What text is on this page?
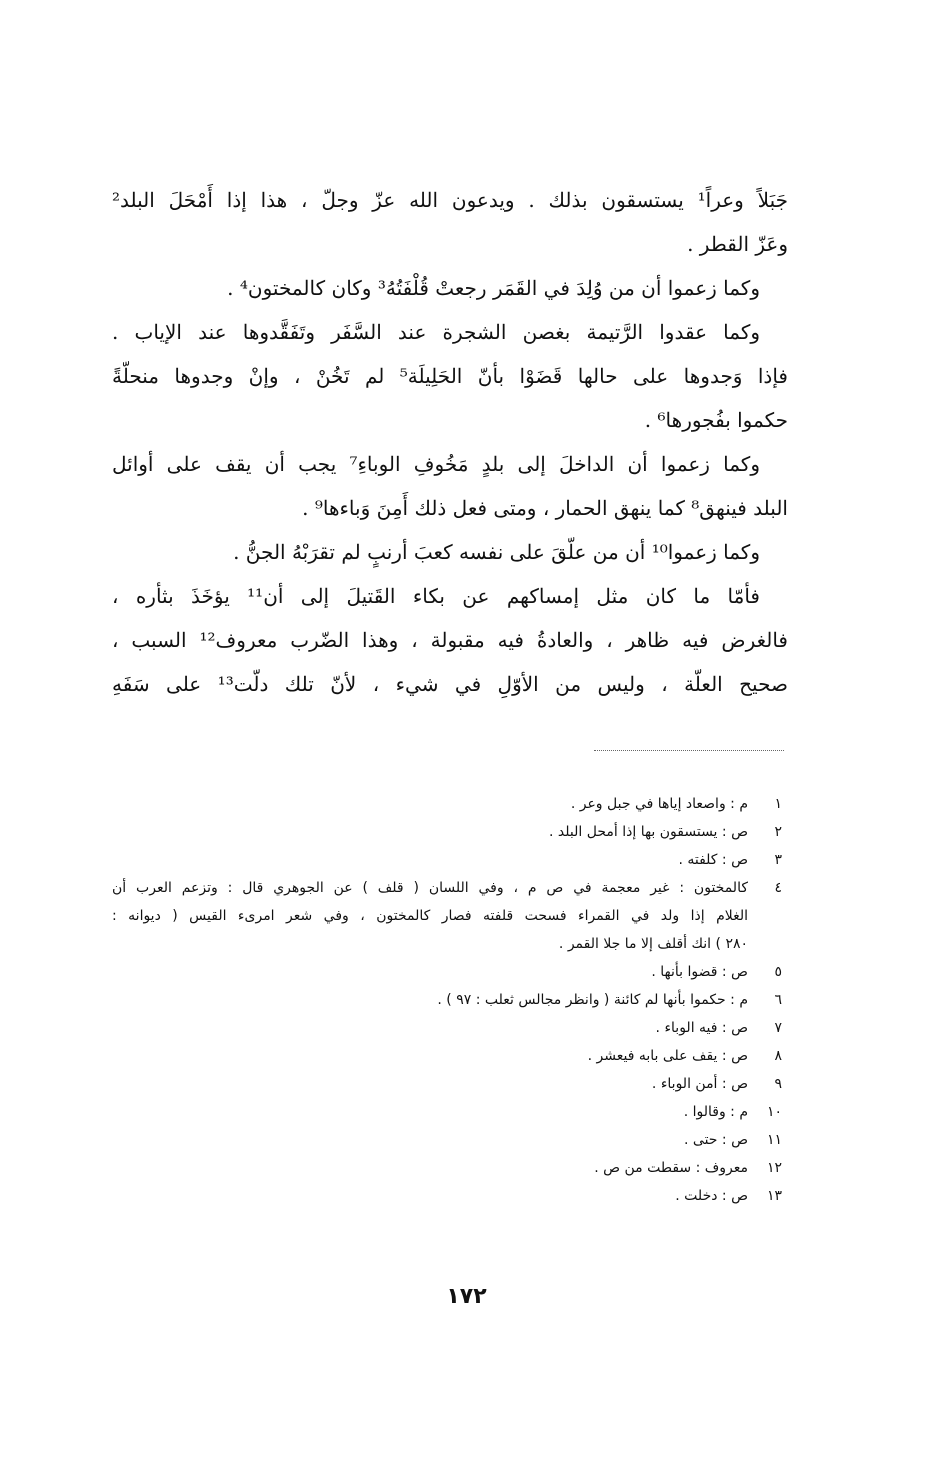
جَبَلاً وعراً¹ يستسقون بذلك . ويدعون الله عزّ وجلّ ، هذا إذا أَمْحَلَ البلد²
وعَزّ القطر .
وكما زعموا أن من وُلِدَ في القَمَر رجعتْ قُلْفَتُهُ³ وكان كالمختون⁴ .
وكما عقدوا الرَّتيمة بغصن الشجرة عند السَّفَر وتَفَقَّدوها عند الإياب .
فإذا وَجدوها على حالها قَضَوْا بأنّ الحَلِيلَة⁵ لم تَخُنْ ، وإنْ وجدوها منحلّةً
حكموا بفُجورها⁶ .
وكما زعموا أن الداخلَ إلى بلدٍ مَخُوفِ الوباءِ⁷ يجب أن يقف على أوائل
البلد فينهق⁸ كما ينهق الحمار ، ومتى فعل ذلك أَمِنَ وَباءها⁹ .
وكما زعموا¹⁰ أن من علّقَ على نفسه كعبَ أرنبٍ لم تقرَبْهُ الجنُّ .
فأمّا ما كان مثل إمساكهم عن بكاء القَتيلَ إلى أن¹¹ يؤخَذَ بثأره ،
فالغرض فيه ظاهر ، والعادةُ فيه مقبولة ، وهذا الضّرب معروف¹² السبب ،
صحيح العلّة ، وليس من الأوّلِ في شيء ، لأنّ تلك دلّت¹³ على سَفَهِ
١
م : واصعاد إياها في جبل وعر .
٢
ص : يستسقون بها إذا أمحل البلد .
٣
ص : كلفته .
٤
كالمختون : غير معجمة في ص م ، وفي اللسان ( قلف ) عن الجوهري قال : وتزعم العرب أن
الغلام إذا ولد في القمراء فسحت قلفته فصار كالمختون ، وفي شعر امرىء القيس ( ديوانه :
٢٨٠ ) انك أقلف إلا ما جلا القمر .
٥
ص : قضوا بأنها .
٦
م : حكموا بأنها لم كائنة ( وانظر مجالس ثعلب : ٩٧ ) .
٧
ص : فيه الوباء .
٨
ص : يقف على بابه فيعشر .
٩
ص : أمن الوباء .
١٠
م : وقالوا .
١١
ص : حتى .
١٢
معروف : سقطت من ص .
١٣
ص : دخلت .
١٧٢
